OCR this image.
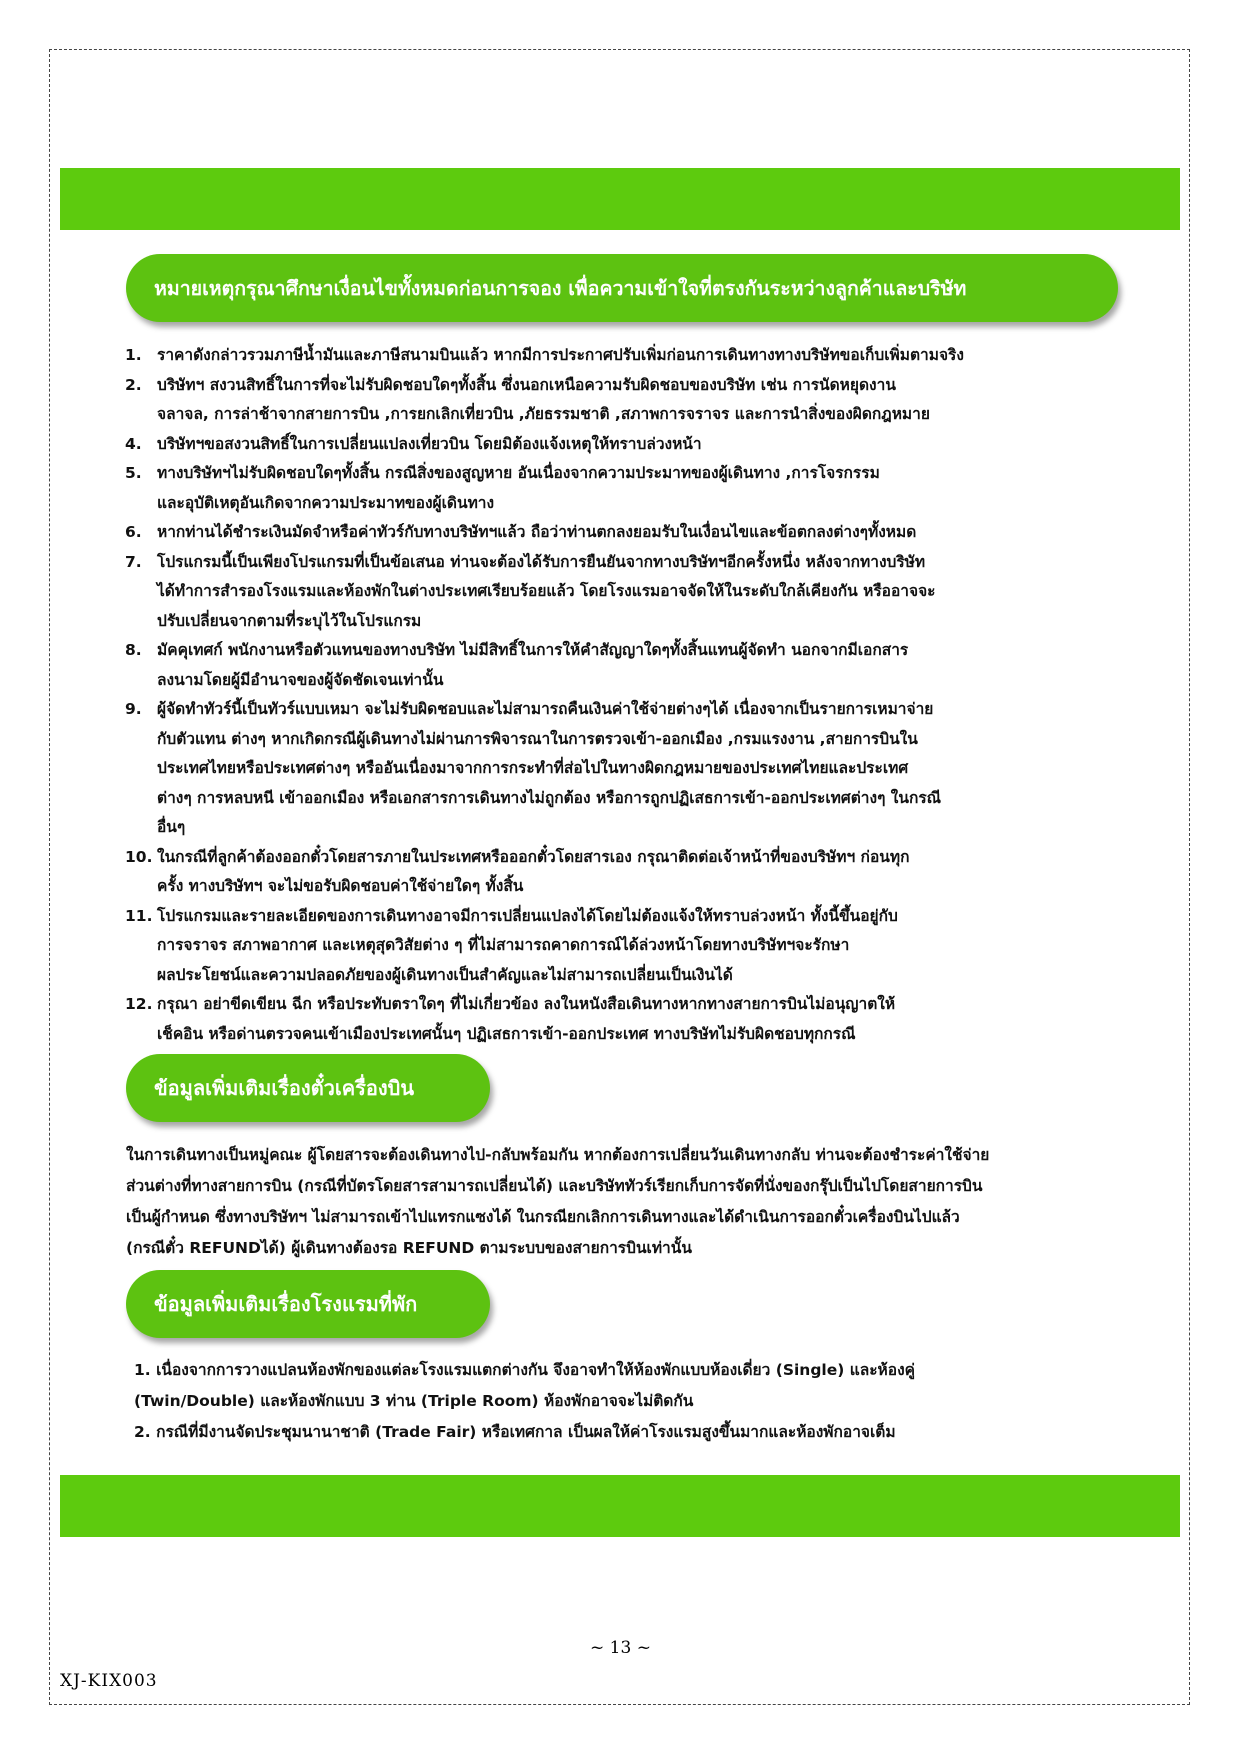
หมายเหตุกรุณาศึกษาเงื่อนไขทั้งหมดก่อนการจอง เพื่อความเข้าใจที่ตรงกันระหว่างลูกค้าและบริษัท
1. ราคาดังกล่าวรวมภาษีน้ำมันและภาษีสนามบินแล้ว หากมีการประกาศปรับเพิ่มก่อนการเดินทางทางบริษัทขอเก็บเพิ่มตามจริง
2. บริษัทฯ สงวนสิทธิ์ในการที่จะไม่รับผิดชอบใดๆทั้งสิ้น ซึ่งนอกเหนือความรับผิดชอบของบริษัท เช่น การนัดหยุดงาน
จลาจล, การล่าช้าจากสายการบิน ,การยกเลิกเที่ยวบิน ,ภัยธรรมชาติ ,สภาพการจราจร และการนำสิ่งของผิดกฎหมาย
4. บริษัทฯขอสงวนสิทธิ์ในการเปลี่ยนแปลงเที่ยวบิน โดยมิต้องแจ้งเหตุให้ทราบล่วงหน้า
5. ทางบริษัทฯไม่รับผิดชอบใดๆทั้งสิ้น กรณีสิ่งของสูญหาย อันเนื่องจากความประมาทของผู้เดินทาง ,การโจรกรรม
และอุบัติเหตุอันเกิดจากความประมาทของผู้เดินทาง
6. หากท่านได้ชำระเงินมัดจำหรือค่าทัวร์กับทางบริษัทฯแล้ว ถือว่าท่านตกลงยอมรับในเงื่อนไขและข้อตกลงต่างๆทั้งหมด
7. โปรแกรมนี้เป็นเพียงโปรแกรมที่เป็นข้อเสนอ ท่านจะต้องได้รับการยืนยันจากทางบริษัทฯอีกครั้งหนึ่ง หลังจากทางบริษัท
ได้ทำการสำรองโรงแรมและห้องพักในต่างประเทศเรียบร้อยแล้ว โดยโรงแรมอาจจัดให้ในระดับใกล้เคียงกัน หรืออาจจะ
ปรับเปลี่ยนจากตามที่ระบุไว้ในโปรแกรม
8. มัคคุเทศก์ พนักงานหรือตัวแทนของทางบริษัท ไม่มีสิทธิ์ในการให้คำสัญญาใดๆทั้งสิ้นแทนผู้จัดทำ นอกจากมีเอกสาร
ลงนามโดยผู้มีอำนาจของผู้จัดชัดเจนเท่านั้น
9. ผู้จัดทำทัวร์นี้เป็นทัวร์แบบเหมา จะไม่รับผิดชอบและไม่สามารถคืนเงินค่าใช้จ่ายต่างๆได้ เนื่องจากเป็นรายการเหมาจ่าย
กับตัวแทน ต่างๆ หากเกิดกรณีผู้เดินทางไม่ผ่านการพิจารณาในการตรวจเข้า-ออกเมือง ,กรมแรงงาน ,สายการบินใน
ประเทศไทยหรือประเทศต่างๆ หรืออันเนื่องมาจากการกระทำที่ส่อไปในทางผิดกฎหมายของประเทศไทยและประเทศ
ต่างๆ การหลบหนี เข้าออกเมือง หรือเอกสารการเดินทางไม่ถูกต้อง หรือการถูกปฏิเสธการเข้า-ออกประเทศต่างๆ ในกรณี
อื่นๆ
10. ในกรณีที่ลูกค้าต้องออกตั๋วโดยสารภายในประเทศหรือออกตั๋วโดยสารเอง กรุณาติดต่อเจ้าหน้าที่ของบริษัทฯ ก่อนทุก
ครั้ง ทางบริษัทฯ จะไม่ขอรับผิดชอบค่าใช้จ่ายใดๆ ทั้งสิ้น
11. โปรแกรมและรายละเอียดของการเดินทางอาจมีการเปลี่ยนแปลงได้โดยไม่ต้องแจ้งให้ทราบล่วงหน้า ทั้งนี้ขึ้นอยู่กับ
การจราจร สภาพอากาศ และเหตุสุดวิสัยต่าง ๆ ที่ไม่สามารถคาดการณ์ได้ล่วงหน้าโดยทางบริษัทฯจะรักษา
ผลประโยชน์และความปลอดภัยของผู้เดินทางเป็นสำคัญและไม่สามารถเปลี่ยนเป็นเงินได้
12. กรุณา อย่าขีดเขียน ฉีก หรือประทับตราใดๆ ที่ไม่เกี่ยวข้อง ลงในหนังสือเดินทางหากทางสายการบินไม่อนุญาตให้
เช็คอิน หรือด่านตรวจคนเข้าเมืองประเทศนั้นๆ ปฏิเสธการเข้า-ออกประเทศ ทางบริษัทไม่รับผิดชอบทุกกรณี
ข้อมูลเพิ่มเติมเรื่องตั๋วเครื่องบิน

ในการเดินทางเป็นหมู่คณะ ผู้โดยสารจะต้องเดินทางไป-กลับพร้อมกัน หากต้องการเปลี่ยนวันเดินทางกลับ ท่านจะต้องชำระค่าใช้จ่าย
ส่วนต่างที่ทางสายการบิน (กรณีที่บัตรโดยสารสามารถเปลี่ยนได้) และบริษัททัวร์เรียกเก็บการจัดที่นั่งของกรุ๊ปเป็นไปโดยสายการบิน
เป็นผู้กำหนด ซึ่งทางบริษัทฯ ไม่สามารถเข้าไปแทรกแซงได้ ในกรณียกเลิกการเดินทางและได้ดำเนินการออกตั๋วเครื่องบินไปแล้ว
(กรณีตั๋ว REFUNDได้) ผู้เดินทางต้องรอ REFUND ตามระบบของสายการบินเท่านั้น

ข้อมูลเพิ่มเติมเรื่องโรงแรมที่พัก
1. เนื่องจากการวางแปลนห้องพักของแต่ละโรงแรมแตกต่างกัน จึงอาจทำให้ห้องพักแบบห้องเดี่ยว (Single) และห้องคู่
(Twin/Double) และห้องพักแบบ 3 ท่าน (Triple Room) ห้องพักอาจจะไม่ติดกัน
2. กรณีที่มีงานจัดประชุมนานาชาติ (Trade Fair) หรือเทศกาล เป็นผลให้ค่าโรงแรมสูงขึ้นมากและห้องพักอาจเต็ม
~ 13 ~
XJ-KIX003
